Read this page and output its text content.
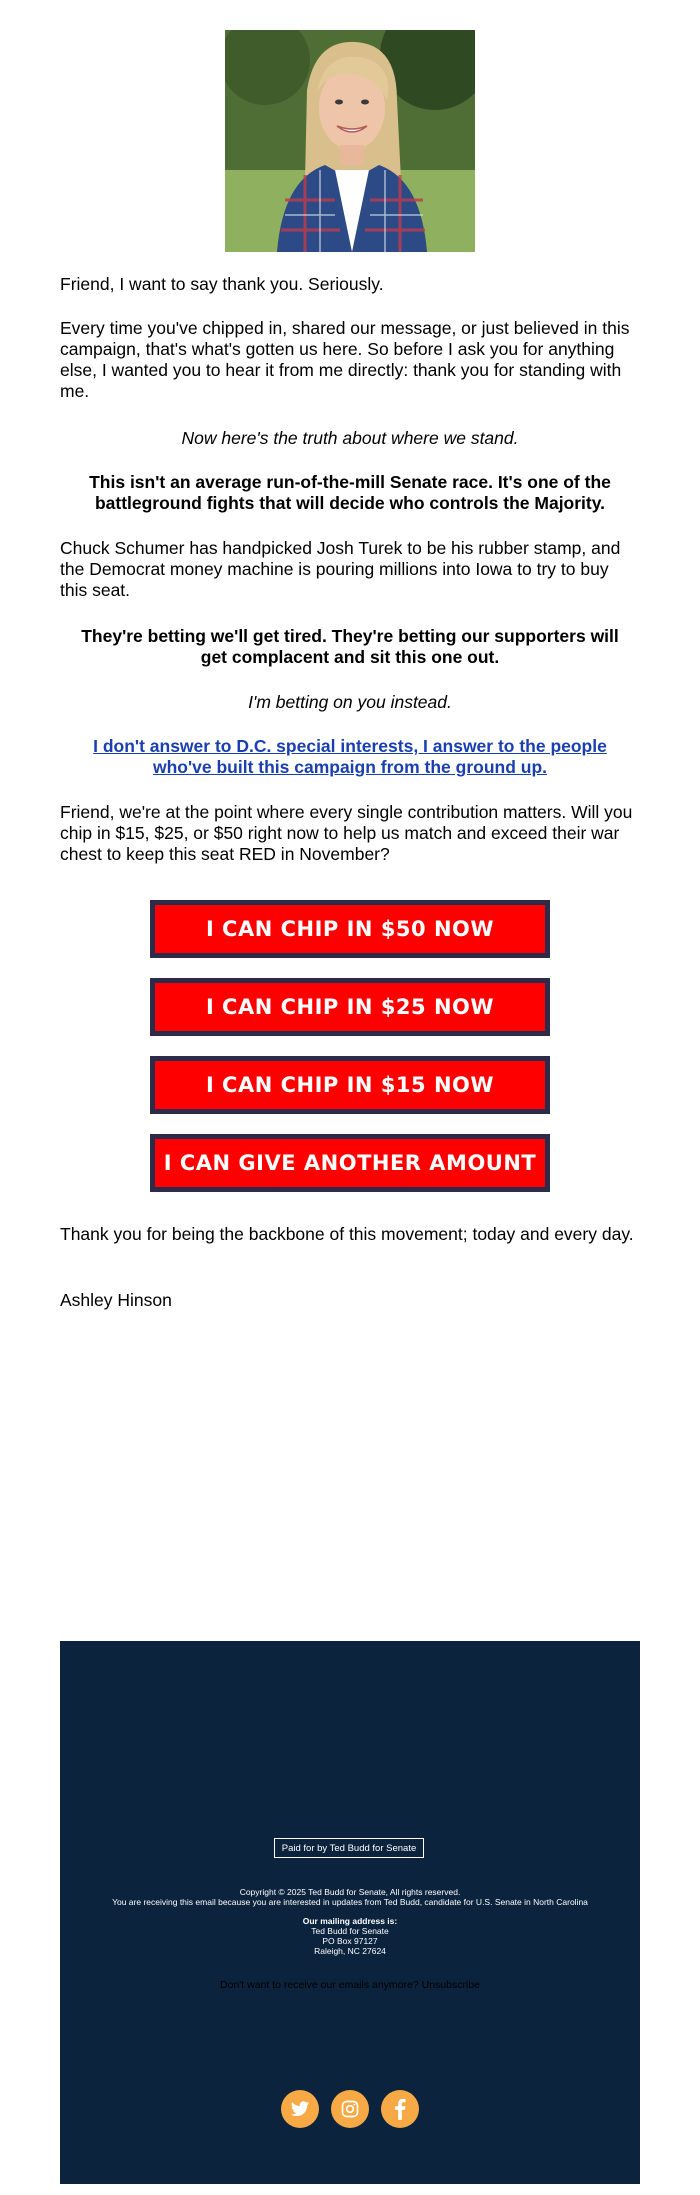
Friend, I want to say thank you. Seriously.

Every time you've chipped in, shared our message, or just believed in this campaign, that's what's gotten us here. So before I ask you for anything else, I wanted you to hear it from me directly: thank you for standing with me.

Now here's the truth about where we stand.

This isn't an average run-of-the-mill Senate race. It's one of the battleground fights that will decide who controls the Majority.

Chuck Schumer has handpicked Josh Turek to be his rubber stamp, and the Democrat money machine is pouring millions into Iowa to try to buy this seat.

They're betting we'll get tired. They're betting our supporters will get complacent and sit this one out.

I'm betting on you instead.

I don't answer to D.C. special interests, I answer to the people who've built this campaign from the ground up.

Friend, we're at the point where every single contribution matters. Will you chip in $15, $25, or $50 right now to help us match and exceed their war chest to keep this seat RED in November?

I CAN CHIP IN $50 NOW
I CAN CHIP IN $25 NOW
I CAN CHIP IN $15 NOW
I CAN GIVE ANOTHER AMOUNT

Thank you for being the backbone of this movement; today and every day.

Ashley Hinson

Paid for by Ted Budd for Senate
Copyright © 2025 Ted Budd for Senate, All rights reserved.
You are receiving this email because you are interested in updates from Ted Budd, candidate for U.S. Senate in North Carolina
Our mailing address is:
Ted Budd for Senate
PO Box 97127
Raleigh, NC 27624
Don't want to receive our emails anymore? Unsubscribe
